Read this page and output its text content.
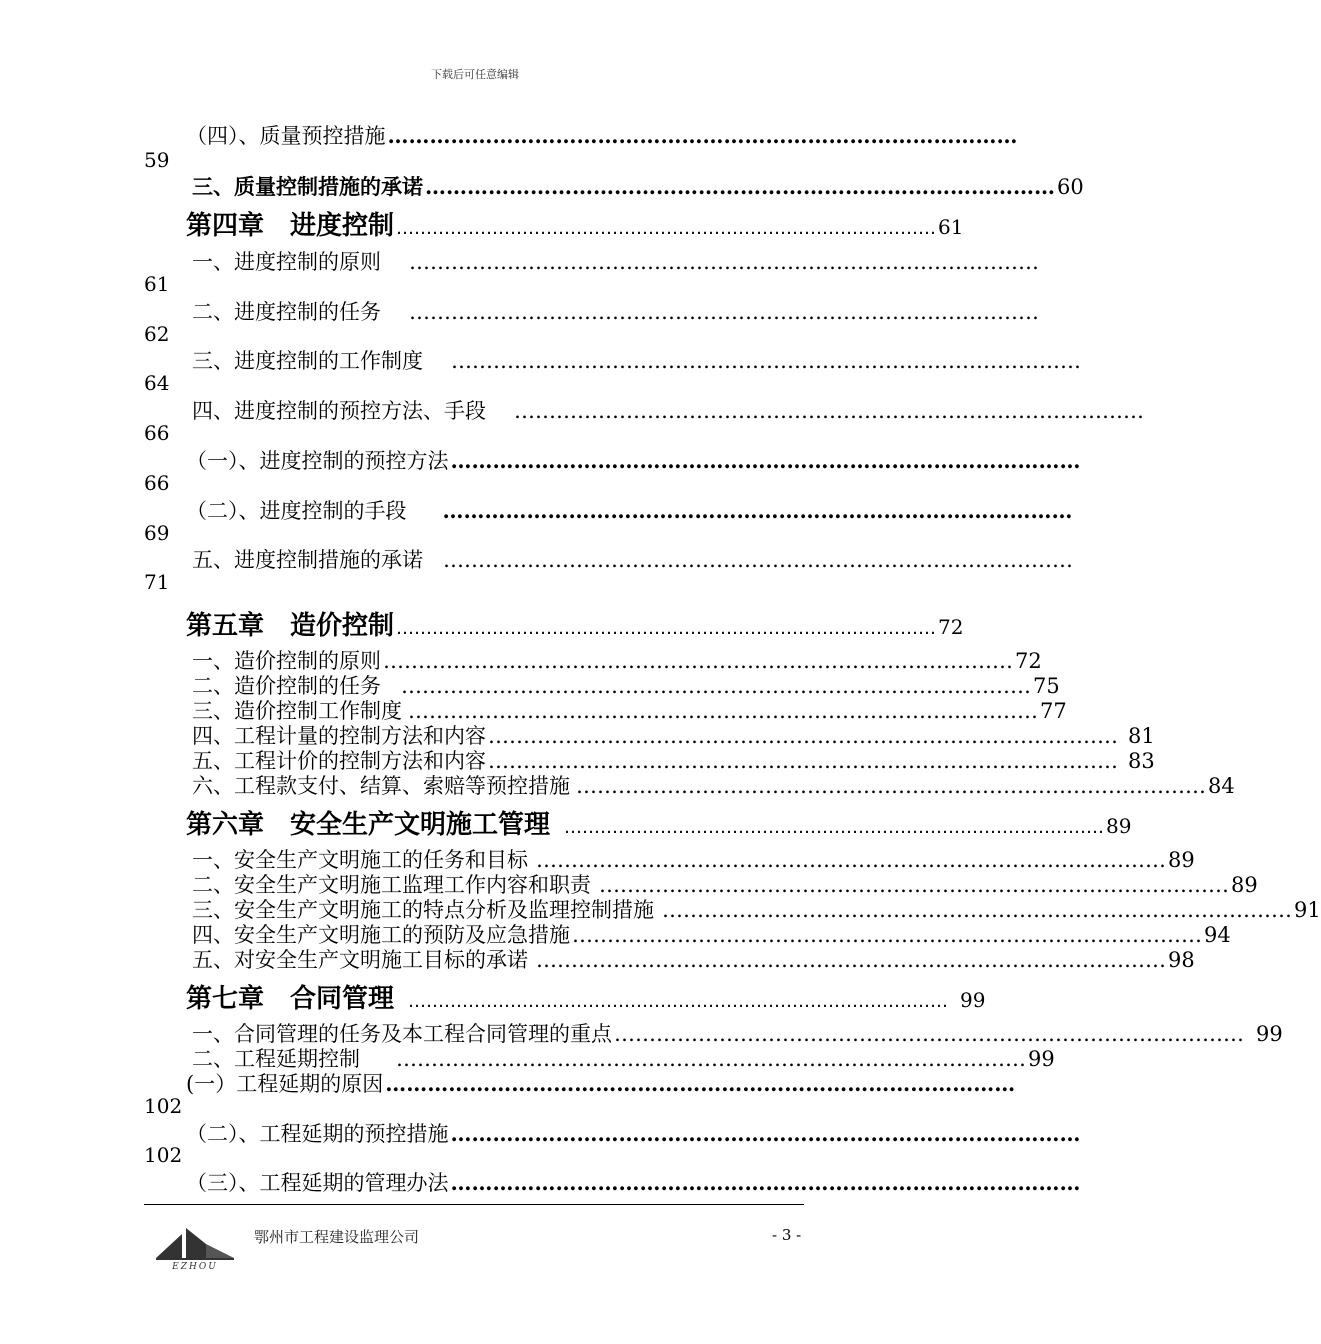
下载后可任意编辑
（四）、质量预控措施 ………………………………………………………………………………
59
三、质量控制措施的承诺 ……………………………………………………………………………… 60
第四章　进度控制 ……………………………………………………………………………… 61
一、进度控制的原则 ………………………………………………………………………………
61
二、进度控制的任务 ………………………………………………………………………………
62
三、进度控制的工作制度 ………………………………………………………………………………
64
四、进度控制的预控方法、手段 ………………………………………………………………………………
66
（一）、进度控制的预控方法 ………………………………………………………………………………
66
（二）、进度控制的手段 ………………………………………………………………………………
69
五、进度控制措施的承诺 ………………………………………………………………………………
71
第五章　造价控制 ……………………………………………………………………………… 72
一、造价控制的原则 ……………………………………………………………………………… 72
二、造价控制的任务 ……………………………………………………………………………… 75
三、造价控制工作制度 ……………………………………………………………………………… 77
四、工程计量的控制方法和内容 ……………………………………………………………………………… 81
五、工程计价的控制方法和内容 ……………………………………………………………………………… 83
六、工程款支付、结算、索赔等预控措施 ……………………………………………………………………………… 84
第六章　安全生产文明施工管理 ……………………………………………………………………………… 89
一、安全生产文明施工的任务和目标 ……………………………………………………………………………… 89
二、安全生产文明施工监理工作内容和职责 ……………………………………………………………………………… 89
三、安全生产文明施工的特点分析及监理控制措施 ……………………………………………………………………………… 91
四、安全生产文明施工的预防及应急措施 ……………………………………………………………………………… 94
五、对安全生产文明施工目标的承诺 ……………………………………………………………………………… 98
第七章　合同管理 ……………………………………………………………………………… 99
一、合同管理的任务及本工程合同管理的重点 ……………………………………………………………………………… 99
二、工程延期控制 ……………………………………………………………………………… 99
(一）工程延期的原因 ………………………………………………………………………………
102
（二）、工程延期的预控措施 ………………………………………………………………………………
102
（三）、工程延期的管理办法 ………………………………………………………………………………
EZHOU
鄂州市工程建设监理公司	- 3 -
